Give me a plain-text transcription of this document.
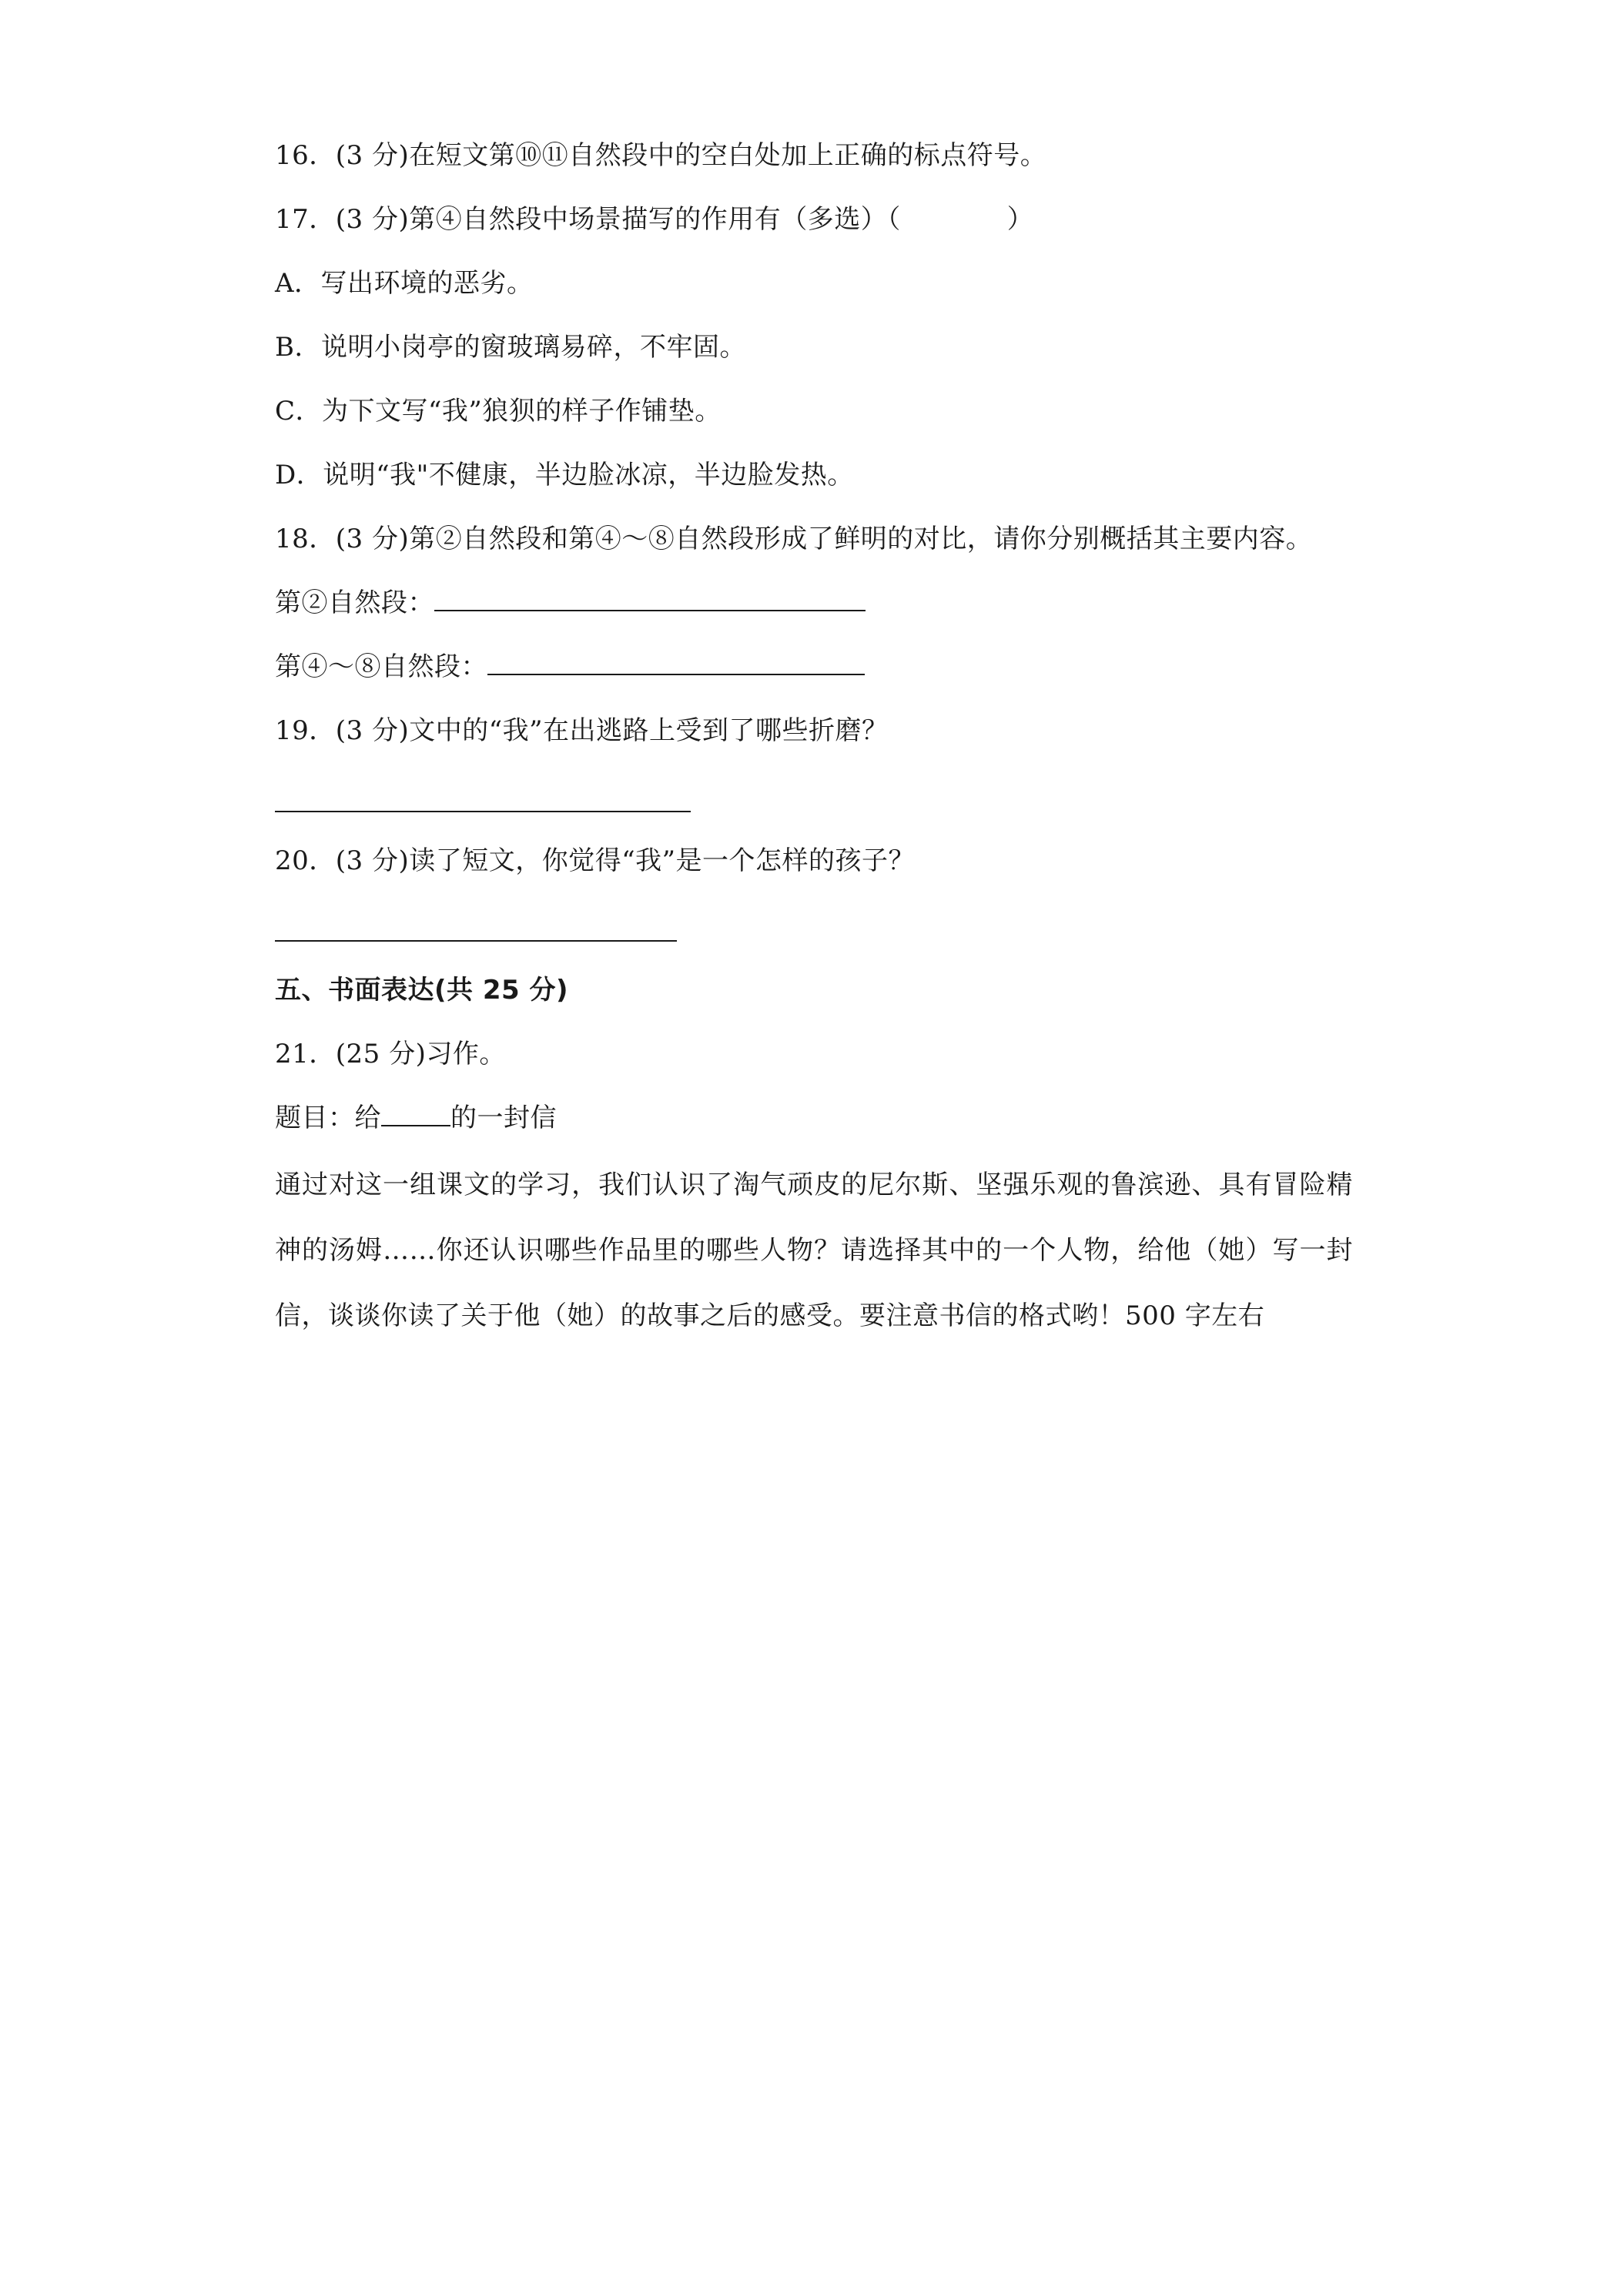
16．(3 分)在短文第⑩⑪自然段中的空白处加上正确的标点符号。
17．(3 分)第④自然段中场景描写的作用有（多选）（　　　　）
A．写出环境的恶劣。
B．说明小岗亭的窗玻璃易碎，不牢固。
C．为下文写“我”狼狈的样子作铺垫。
D．说明“我"不健康，半边脸冰凉，半边脸发热。
18．(3 分)第②自然段和第④～⑧自然段形成了鲜明的对比，请你分别概括其主要内容。
第②自然段：
第④～⑧自然段：
19．(3 分)文中的“我”在出逃路上受到了哪些折磨？
20．(3 分)读了短文，你觉得“我”是一个怎样的孩子？
五、书面表达(共 25 分)
21．(25 分)习作。
题目：给	的一封信
通过对这一组课文的学习，我们认识了淘气顽皮的尼尔斯、坚强乐观的鲁滨逊、具有冒险精神的汤姆……你还认识哪些作品里的哪些人物？请选择其中的一个人物，给他（她）写一封信，谈谈你读了关于他（她）的故事之后的感受。要注意书信的格式哟！500 字左右
